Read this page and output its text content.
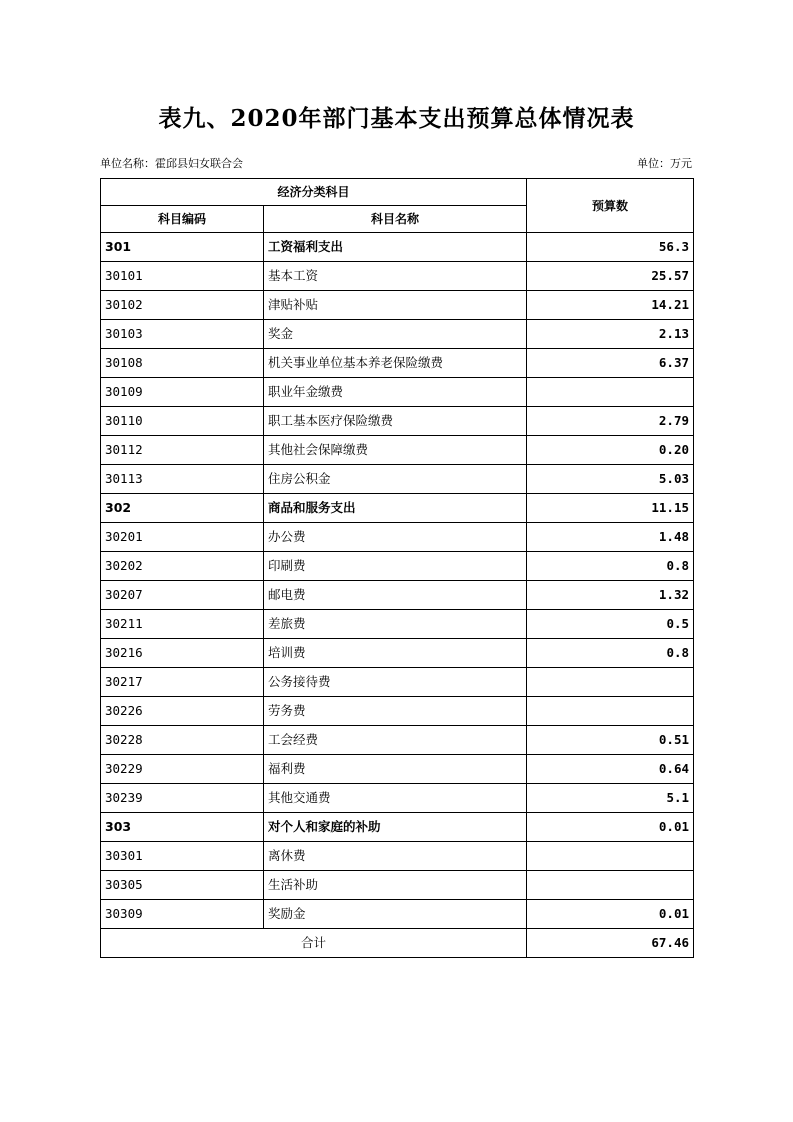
表九、2020年部门基本支出预算总体情况表
单位名称：霍邱县妇女联合会	单位：万元
经济分类科目		预算数
科目编码	科目名称	
301	工资福利支出	56.3
30101	基本工资	25.57
30102	津贴补贴	14.21
30103	奖金	2.13
30108	机关事业单位基本养老保险缴费	6.37
30109	职业年金缴费	
30110	职工基本医疗保险缴费	2.79
30112	其他社会保障缴费	0.20
30113	住房公积金	5.03
302	商品和服务支出	11.15
30201	办公费	1.48
30202	印刷费	0.8
30207	邮电费	1.32
30211	差旅费	0.5
30216	培训费	0.8
30217	公务接待费	
30226	劳务费	
30228	工会经费	0.51
30229	福利费	0.64
30239	其他交通费	5.1
303	对个人和家庭的补助	0.01
30301	离休费	
30305	生活补助	
30309	奖励金	0.01
合计		67.46
